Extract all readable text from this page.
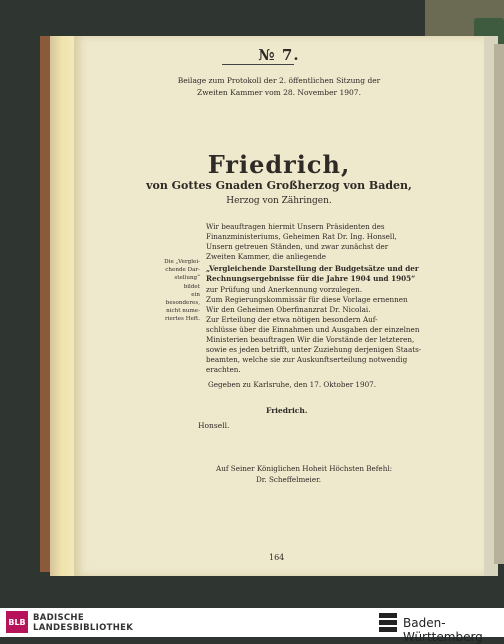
№ 7.
Beilage zum Protokoll der 2. öffentlichen Sitzung der
Zweiten Kammer vom 28. November 1907.
Friedrich,
von Gottes Gnaden Großherzog von Baden,
Herzog von Zähringen.
Wir beauftragen hiermit Unsern Präsidenten des
Finanzministeriums, Geheimen Rat Dr. Ing. Honsell,
Unsern getreuen Ständen, und zwar zunächst der
Zweiten Kammer, die anliegende
„Vergleichende Darstellung der Budgetsätze und der
Rechnungsergebnisse für die Jahre 1904 und 1905“
zur Prüfung und Anerkennung vorzulegen.
Zum Regierungskommissär für diese Vorlage ernennen
Wir den Geheimen Oberfinanzrat Dr. Nicolai.
Zur Erteilung der etwa nötigen besondern Auf-
schlüsse über die Einnahmen und Ausgaben der einzelnen
Ministerien beauftragen Wir die Vorstände der letzteren,
sowie es jeden betrifft, unter Zuziehung derjenigen Staats-
beamten, welche sie zur Auskunftserteilung notwendig
erachten.
Die „Verglei-
chende Dar-
stellung“ bildet
ein besonderes,
nicht nume-
riertes Heft.
Gegeben zu Karlsruhe, den 17. Oktober 1907.
Friedrich.
Honsell.
Auf Seiner Königlichen Hoheit Höchsten Befehl:
Dr. Scheffelmeier.
164
BLB BADISCHE
LANDESBIBLIOTHEK	Baden-Württemberg
